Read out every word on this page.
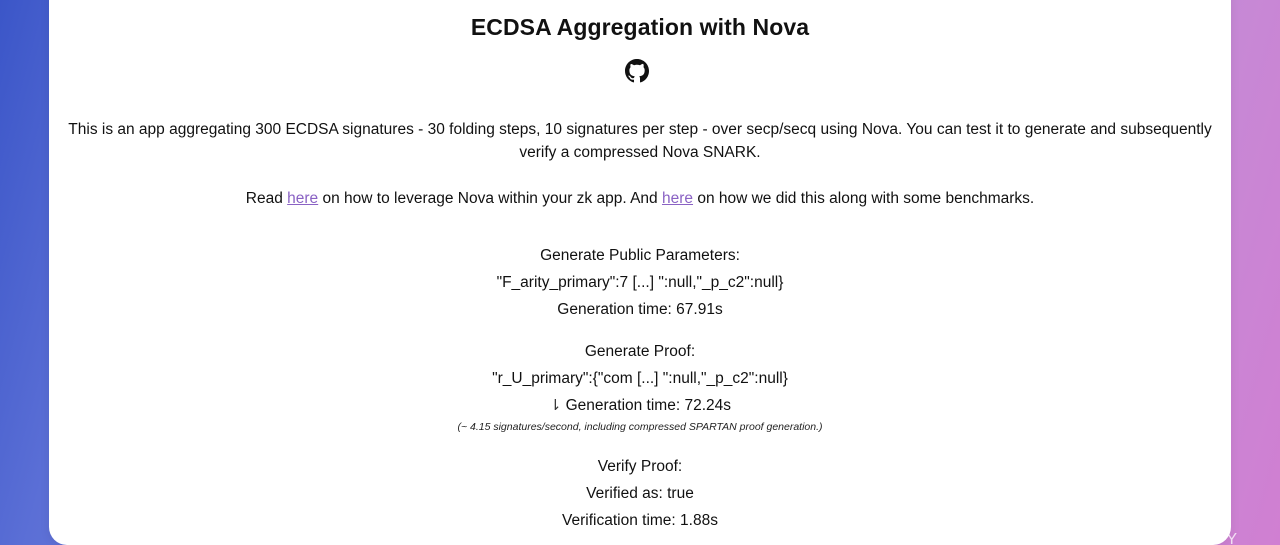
ECDSA Aggregation with Nova
This is an app aggregating 300 ECDSA signatures - 30 folding steps, 10 signatures per step - over secp/secq using Nova. You can test it to generate and subsequently
verify a compressed Nova SNARK.
Read here on how to leverage Nova within your zk app. And here on how we did this along with some benchmarks.
Generate Public Parameters:
"F_arity_primary":7 [...] ":null,"_p_c2":null}
Generation time: 67.91s
Generate Proof:
"r_U_primary":{"com [...] ":null,"_p_c2":null}
⇂ Generation time: 72.24s
(~ 4.15 signatures/second, including compressed SPARTAN proof generation.)
Verify Proof:
Verified as: true
Verification time: 1.88s
XDTY
